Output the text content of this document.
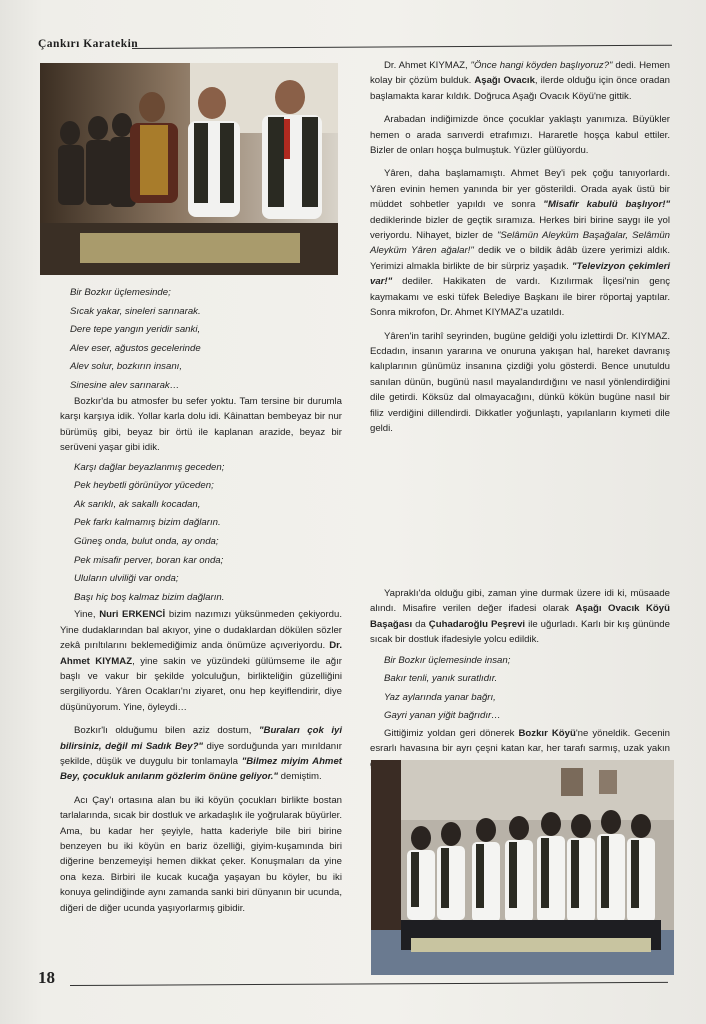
Çankırı Karatekin

Bir Bozkır üçlemesinde;

Sıcak yakar, sineleri sarınarak.

Dere tepe yangın yeridir sanki,

Alev eser, ağustos gecelerinde

Alev solur, bozkırın insanı,

Sinesine alev sarınarak…

Bozkır'da bu atmosfer bu sefer yoktu. Tam tersine bir durumla karşı karşıya idik. Yollar karla dolu idi. Kâinattan bembeyaz bir nur bürümüş gibi, beyaz bir örtü ile kaplanan arazide, beyaz bir serüveni yaşar gibi idik.

Karşı dağlar beyazlanmış geceden;

Pek heybetli görünüyor yüceden;

Ak sarıklı, ak sakallı kocadan,

Pek farkı kalmamış bizim dağların.

Güneş onda, bulut onda, ay onda;

Pek misafir perver, boran kar onda;

Uluların ulviliği var onda;

Başı hiç boş kalmaz bizim dağların.

Yine, Nuri ERKENCİ bizim nazımızı yüksünmeden çekiyordu. Yine dudaklarından bal akıyor, yine o dudaklardan dökülen sözler zekâ pırıltılarını beklemediğimiz anda önümüze açıveriyordu. Dr. Ahmet KIYMAZ, yine sakin ve yüzündeki gülümseme ile ağır başlı ve vakur bir şekilde yolculuğun, birlikteliğin güzelliğini sergiliyordu. Yâren Ocakları'nı ziyaret, onu hep keyiflendirir, diye düşünüyorum. Yine, öyleydi…

Bozkır'lı olduğumu bilen aziz dostum, "Buraları çok iyi bilirsiniz, değil mi Sadık Bey?" diye sorduğunda yarı mırıldanır şekilde, düşük ve duygulu bir tonlamayla "Bilmez miyim Ahmet Bey, çocukluk anılarım gözlerim önüne geliyor." demiştim.

Acı Çay'ı ortasına alan bu iki köyün çocukları birlikte bostan tarlalarında, sıcak bir dostluk ve arkadaşlık ile yoğrularak büyürler. Ama, bu kadar her şeyiyle, hatta kaderiyle bile biri birine benzeyen bu iki köyün en bariz özelliği, giyim-kuşamında biri diğerine benzemeyişi hemen dikkat çeker. Konuşmaları da yine ona keza. Birbiri ile kucak kucağa yaşayan bu köyler, bu iki konuya gelindiğinde aynı zamanda sanki biri dünyanın bir ucunda, diğeri de diğer ucunda yaşıyorlarmış gibidir.

Dr. Ahmet KIYMAZ, "Önce hangi köyden başlıyoruz?" dedi. Hemen kolay bir çözüm bulduk. Aşağı Ovacık, ilerde olduğu için önce oradan başlamakta karar kıldık. Doğruca Aşağı Ovacık Köyü'ne gittik.

Arabadan indiğimizde önce çocuklar yaklaştı yanımıza. Büyükler hemen o arada sarıverdi etrafımızı. Hararetle hoşça kabul ettiler. Bizler de onları hoşça bulmuştuk. Yüzler gülüyordu.

Yâren, daha başlamamıştı. Ahmet Bey'i pek çoğu tanıyorlardı. Yâren evinin hemen yanında bir yer gösterildi. Orada ayak üstü bir müddet sohbetler yapıldı ve sonra "Misafir kabulü başlıyor!" dediklerinde bizler de geçtik sıramıza. Herkes biri birine saygı ile yol veriyordu. Nihayet, bizler de "Selâmün Aleyküm Başağalar, Selâmün Aleyküm Yâren ağalar!" dedik ve o bildik âdâb üzere yerimizi aldık. Yerimizi almakla birlikte de bir sürpriz yaşadık. "Televizyon çekimleri var!" dediler. Hakikaten de vardı. Kızılırmak İlçesi'nin genç kaymakamı ve eski tüfek Belediye Başkanı ile birer röportaj yaptılar. Sonra mikrofon, Dr. Ahmet KIYMAZ'a uzatıldı.

Yâren'in tarihî seyrinden, bugüne geldiği yolu izlettirdi Dr. KIYMAZ. Ecdadın, insanın yararına ve onuruna yakışan hal, hareket davranış kalıplarının günümüz insanına çizdiği yolu gösterdi. Bence unutuldu sanılan dünün, bugünü nasıl mayalandırdığını ve nasıl yönlendirdiğini dile getirdi. Köksüz dal olmayacağını, dünkü kökün bugüne nasıl bir filiz verdiğini dillendirdi. Dikkatler yoğunlaştı, yapılanların kıymeti dile geldi.

Yapraklı'da olduğu gibi, zaman yine durmak üzere idi ki, müsaade alındı. Misafire verilen değer ifadesi olarak Aşağı Ovacık Köyü Başağası da Çuhadaroğlu Peşrevi ile uğurladı. Karlı bir kış gününde sıcak bir dostluk ifadesiyle yolcu edildik.

Bir Bozkır üçlemesinde insan;

Bakır tenli, yanık suratlıdır.

Yaz aylarında yanar bağrı,

Gayri yanan yiğit bağrıdır…

Gittiğimiz yoldan geri dönerek Bozkır Köyü'ne yöneldik. Gecenin esrarlı havasına bir ayrı çeşni katan kar, her tarafı sarmış, uzak yakın

18
